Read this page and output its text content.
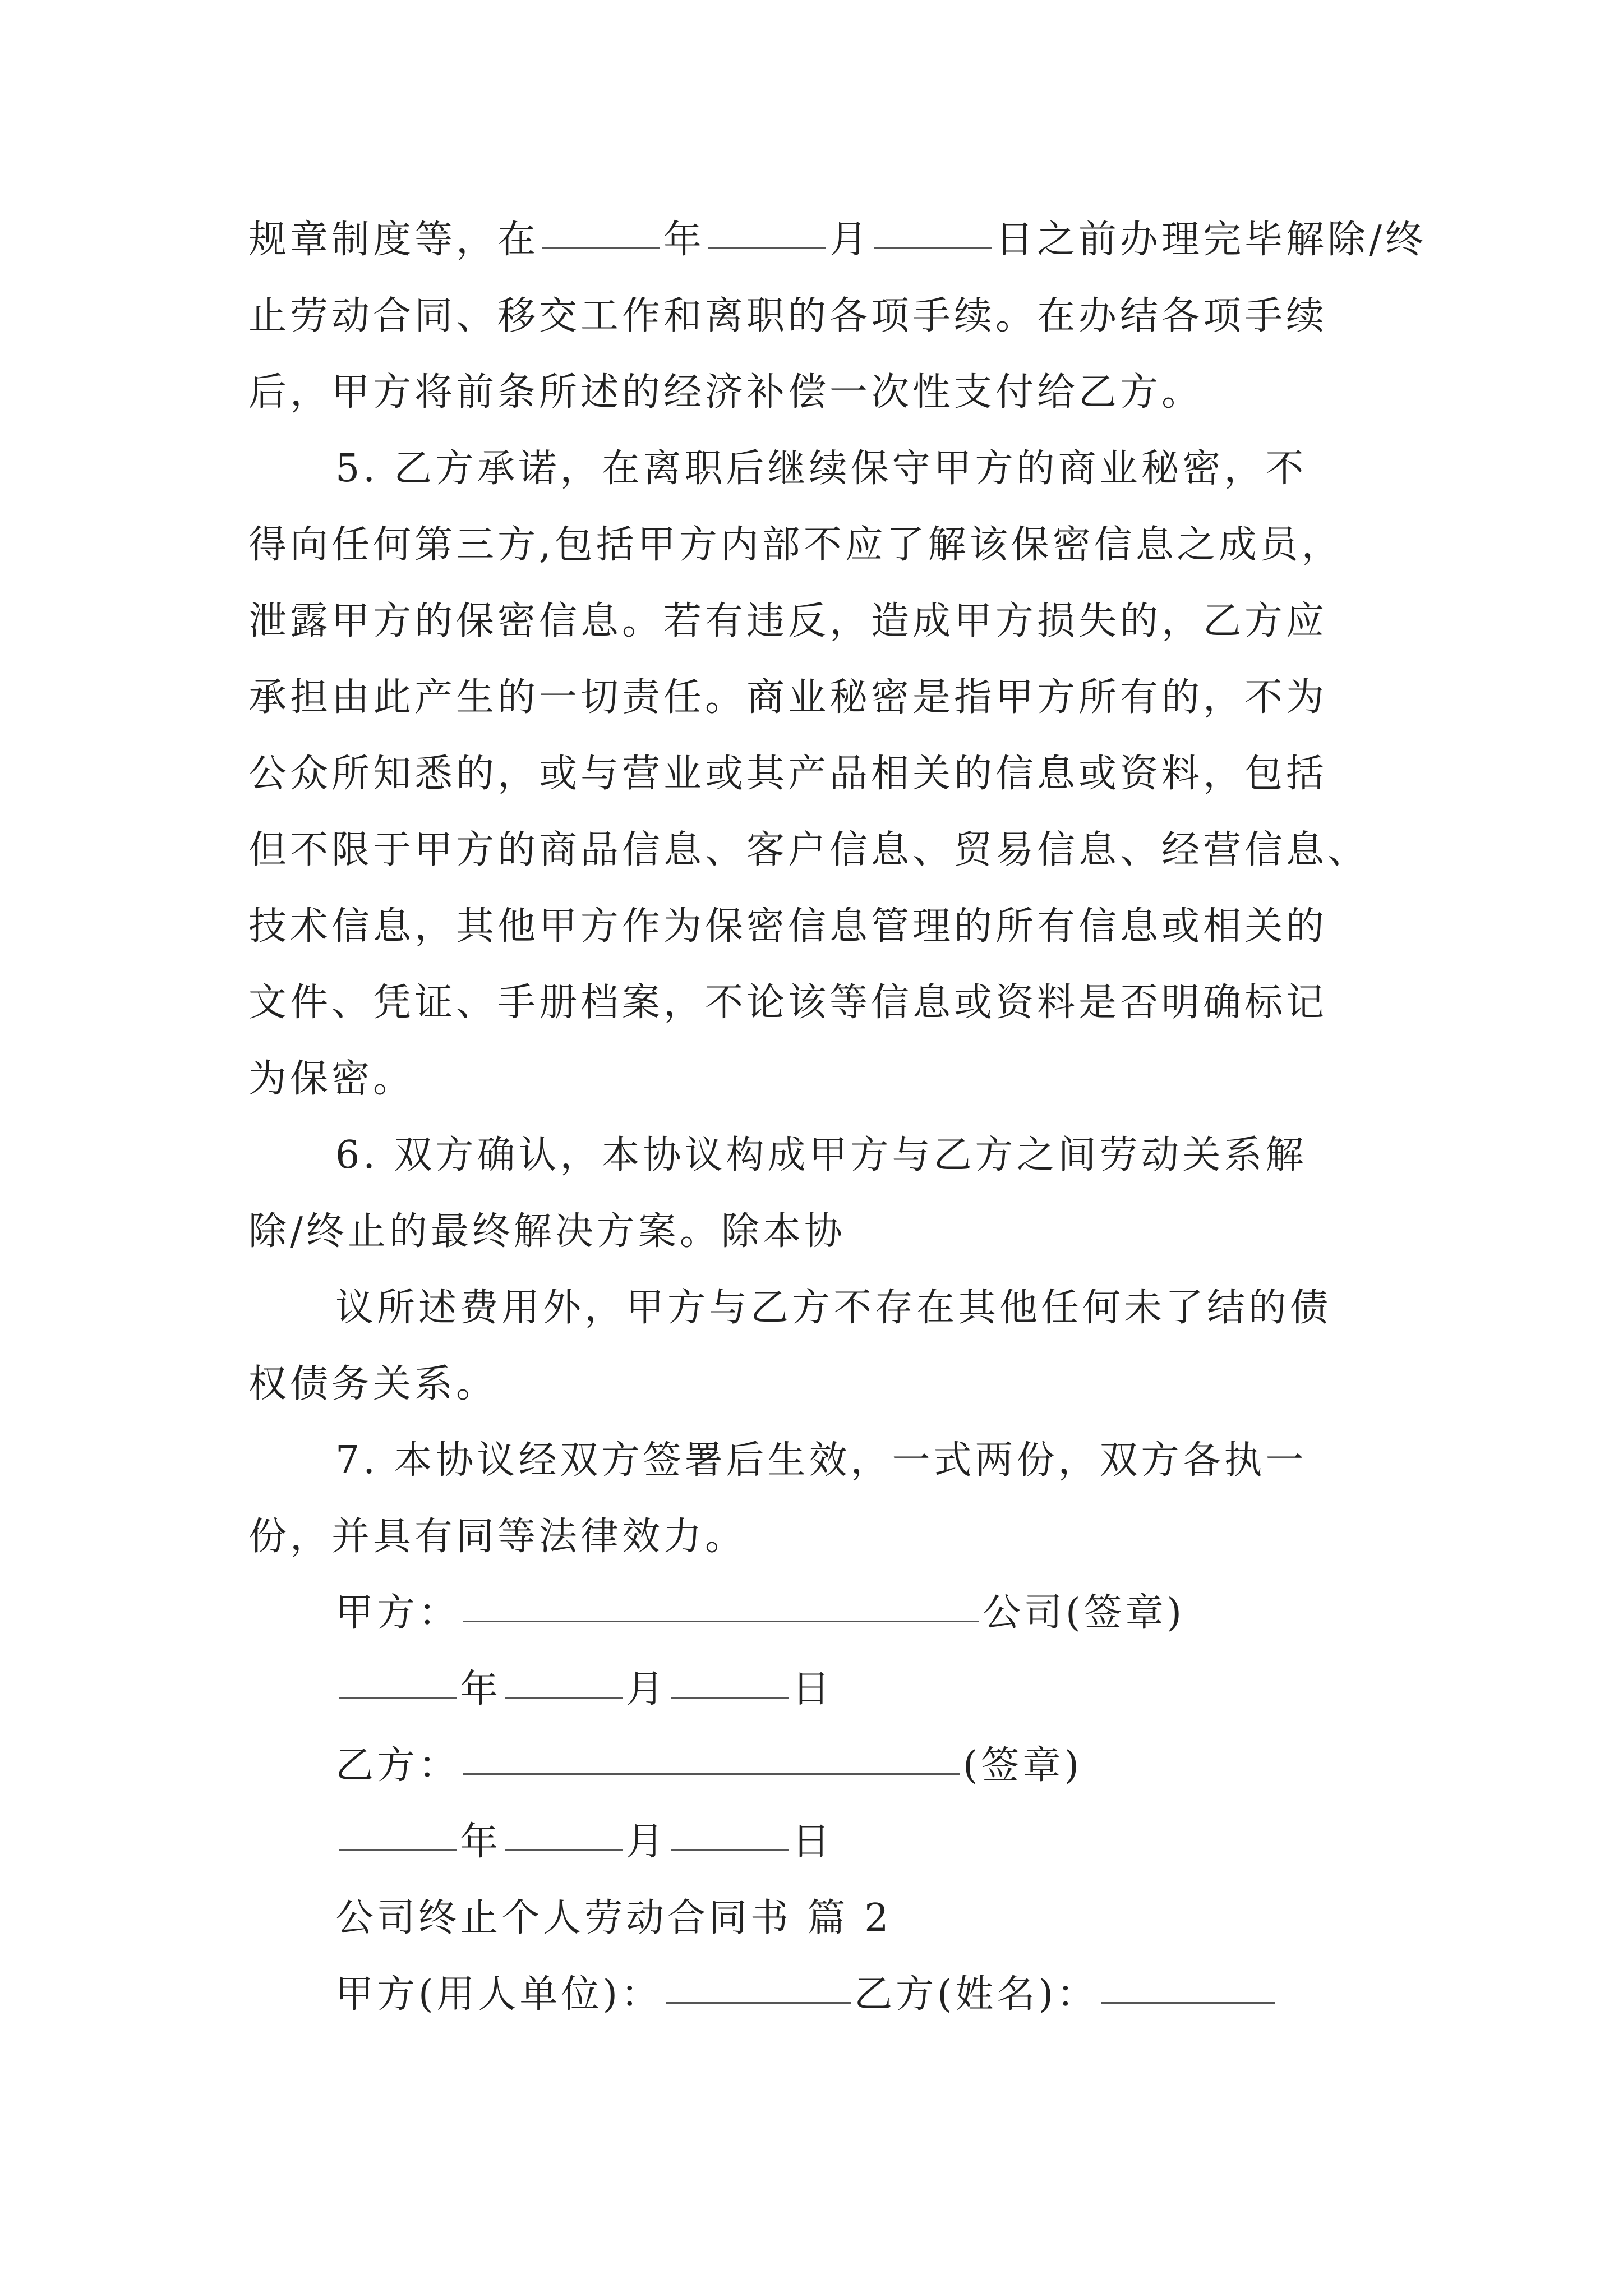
规章制度等，在	年	月	日之前办理完毕解除/终
止劳动合同、移交工作和离职的各项手续。在办结各项手续
后，甲方将前条所述的经济补偿一次性支付给乙方。
5. 乙方承诺，在离职后继续保守甲方的商业秘密，不
得向任何第三方,包括甲方内部不应了解该保密信息之成员，
泄露甲方的保密信息。若有违反，造成甲方损失的，乙方应
承担由此产生的一切责任。商业秘密是指甲方所有的，不为
公众所知悉的，或与营业或其产品相关的信息或资料，包括
但不限于甲方的商品信息、客户信息、贸易信息、经营信息、
技术信息，其他甲方作为保密信息管理的所有信息或相关的
文件、凭证、手册档案，不论该等信息或资料是否明确标记
为保密。
6. 双方确认，本协议构成甲方与乙方之间劳动关系解
除/终止的最终解决方案。除本协
议所述费用外，甲方与乙方不存在其他任何未了结的债
权债务关系。
7. 本协议经双方签署后生效，一式两份，双方各执一
份，并具有同等法律效力。
甲方：	公司(签章)
年	月	日
乙方：	(签章)
年	月	日
公司终止个人劳动合同书 篇 2
甲方(用人单位)：	乙方(姓名)：
